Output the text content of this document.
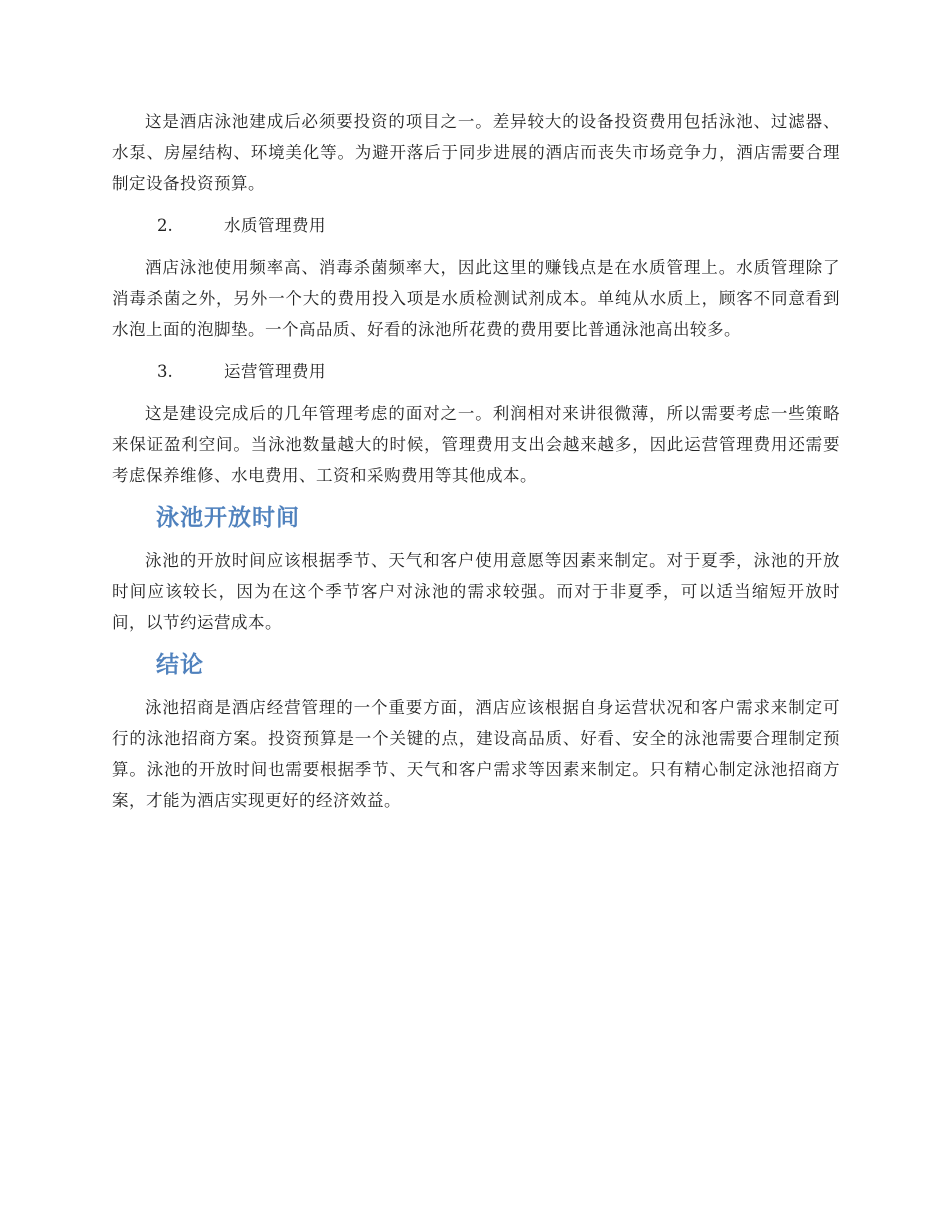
这是酒店泳池建成后必须要投资的项目之一。差异较大的设备投资费用包括泳池、过滤器、水泵、房屋结构、环境美化等。为避开落后于同步进展的酒店而丧失市场竞争力，酒店需要合理制定设备投资预算。

2.	水质管理费用

酒店泳池使用频率高、消毒杀菌频率大，因此这里的赚钱点是在水质管理上。水质管理除了消毒杀菌之外，另外一个大的费用投入项是水质检测试剂成本。单纯从水质上，顾客不同意看到水泡上面的泡脚垫。一个高品质、好看的泳池所花费的费用要比普通泳池高出较多。

3.	运营管理费用

这是建设完成后的几年管理考虑的面对之一。利润相对来讲很微薄，所以需要考虑一些策略来保证盈利空间。当泳池数量越大的时候，管理费用支出会越来越多，因此运营管理费用还需要考虑保养维修、水电费用、工资和采购费用等其他成本。

泳池开放时间

泳池的开放时间应该根据季节、天气和客户使用意愿等因素来制定。对于夏季，泳池的开放时间应该较长，因为在这个季节客户对泳池的需求较强。而对于非夏季，可以适当缩短开放时间，以节约运营成本。

结论

泳池招商是酒店经营管理的一个重要方面，酒店应该根据自身运营状况和客户需求来制定可行的泳池招商方案。投资预算是一个关键的点，建设高品质、好看、安全的泳池需要合理制定预算。泳池的开放时间也需要根据季节、天气和客户需求等因素来制定。只有精心制定泳池招商方案，才能为酒店实现更好的经济效益。
